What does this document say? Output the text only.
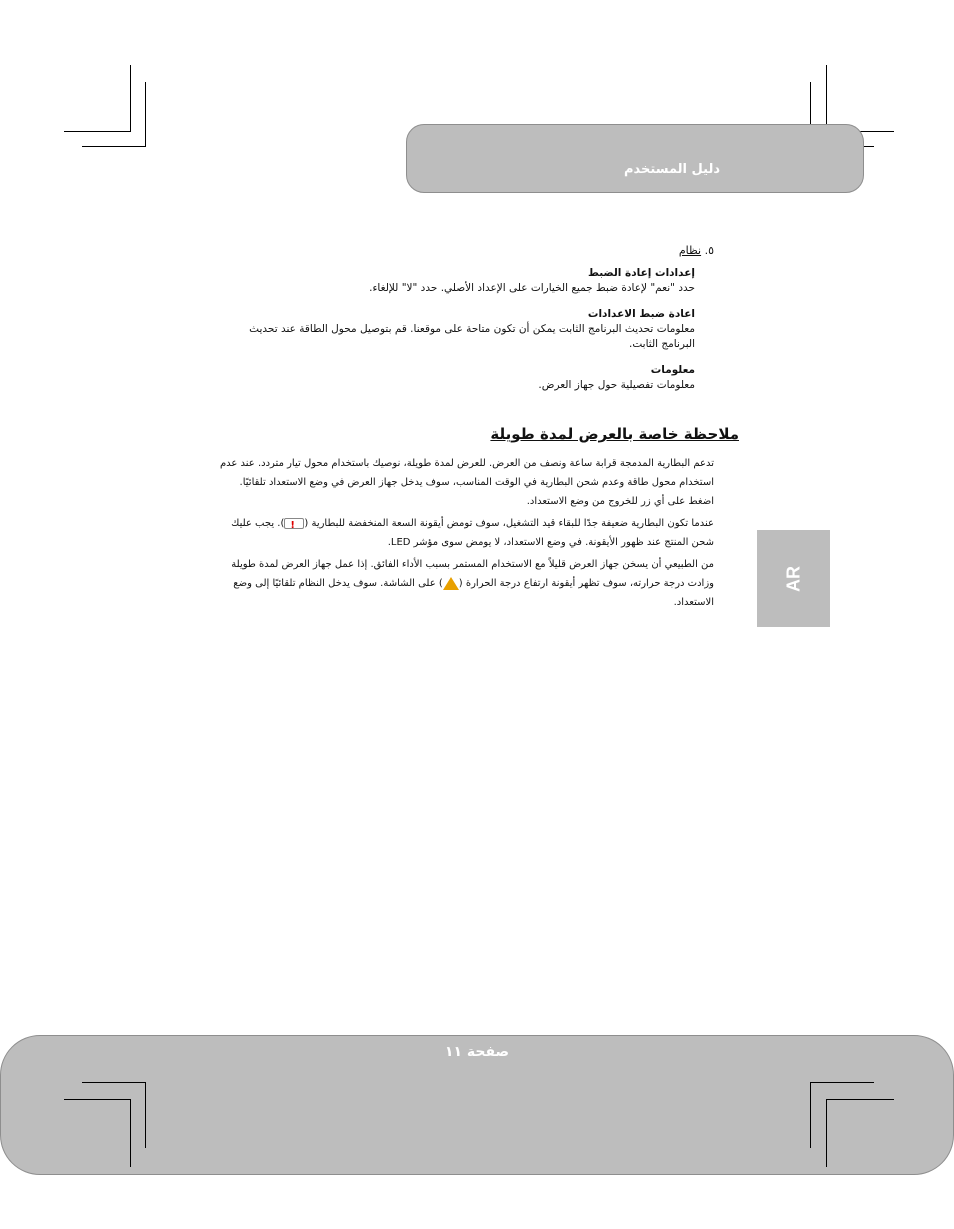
دليل المستخدم
٥. نظام
إعدادات إعادة الضبط
حدد "نعم" لإعادة ضبط جميع الخيارات على الإعداد الأصلي. حدد "لا" للإلغاء.
اعادة ضبط الاعدادات
معلومات تحديث البرنامج الثابت يمكن أن تكون متاحة على موقعنا. قم بتوصيل محول الطاقة عند تحديث البرنامج الثابت.
معلومات
معلومات تفصيلية حول جهاز العرض.
ملاحظة خاصة بالعرض لمدة طويلة
تدعم البطارية المدمجة قرابة ساعة ونصف من العرض. للعرض لمدة طويلة، نوصيك باستخدام محول تيار متردد. عند عدم استخدام محول طاقة وعدم شحن البطارية في الوقت المناسب، سوف يدخل جهاز العرض في وضع الاستعداد تلقائيًا. اضغط على أي زر للخروج من وضع الاستعداد.
عندما تكون البطارية ضعيفة جدًا للبقاء قيد التشغيل، سوف تومض أيقونة السعة المنخفضة للبطارية (!). يجب عليك شحن المنتج عند ظهور الأيقونة. في وضع الاستعداد، لا يومض سوى مؤشر LED.
من الطبيعي أن يسخن جهاز العرض قليلاً مع الاستخدام المستمر بسبب الأداء الفائق. إذا عمل جهاز العرض لمدة طويلة وزادت درجة حرارته، سوف تظهر أيقونة ارتفاع درجة الحرارة () على الشاشة. سوف يدخل النظام تلقائيًا إلى وضع الاستعداد.
AR
صفحة ١١
